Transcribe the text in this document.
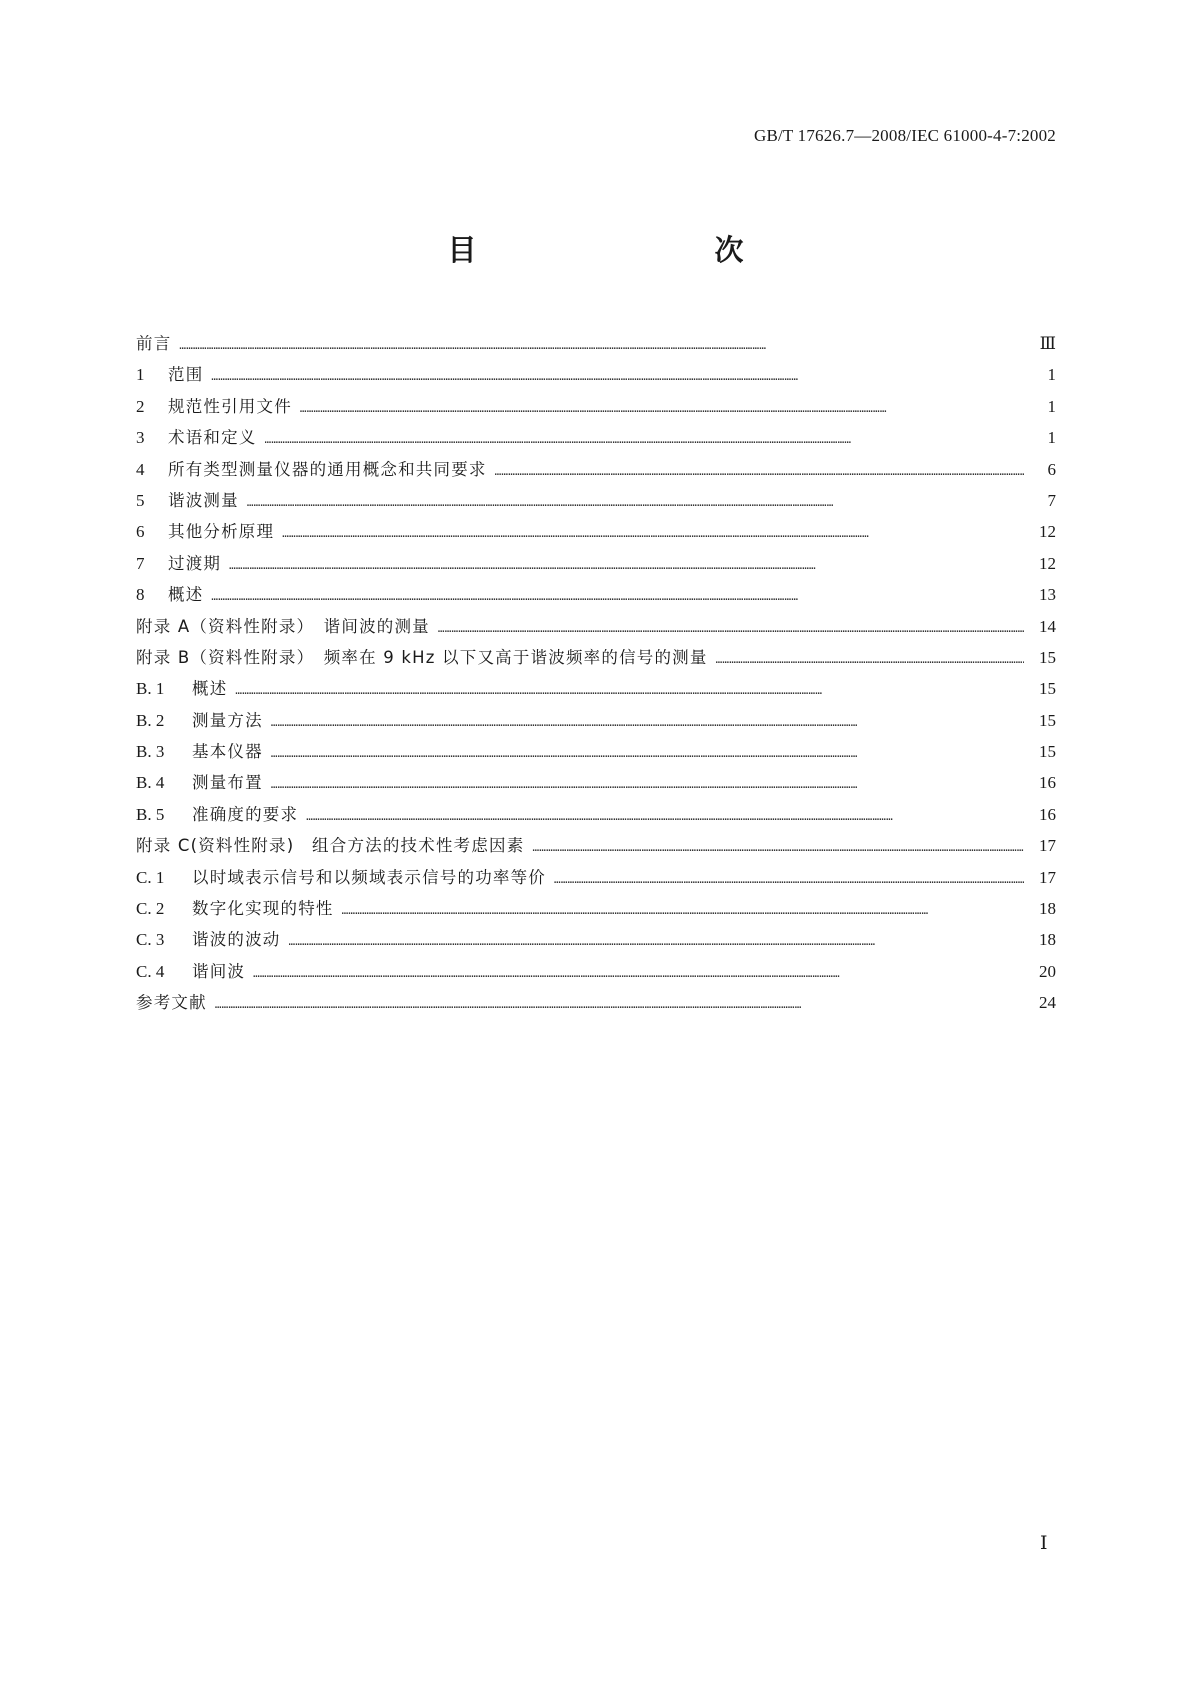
GB/T 17626.7—2008/IEC 61000-4-7:2002
目　　次
前言 ……………………………………………………………………………………………………………………………………………………………………………………………………………………………………	Ⅲ
1	范围 ……………………………………………………………………………………………………………………………………………………………………………………………………………………………………	1
2	规范性引用文件 ……………………………………………………………………………………………………………………………………………………………………………………………………………………………………	1
3	术语和定义 ……………………………………………………………………………………………………………………………………………………………………………………………………………………………………	1
4	所有类型测量仪器的通用概念和共同要求 ……………………………………………………………………………………………………………………………………………………………………………………………………………………………………	6
5	谐波测量 ……………………………………………………………………………………………………………………………………………………………………………………………………………………………………	7
6	其他分析原理 ……………………………………………………………………………………………………………………………………………………………………………………………………………………………………	12
7	过渡期 ……………………………………………………………………………………………………………………………………………………………………………………………………………………………………	12
8	概述 ……………………………………………………………………………………………………………………………………………………………………………………………………………………………………	13
附录 A（资料性附录）　谐间波的测量 ……………………………………………………………………………………………………………………………………………………………………………………………………………………………………	14
附录 B（资料性附录）　频率在 9 kHz 以下又高于谐波频率的信号的测量 ……………………………………………………………………………………………………………………………………………………………………………………………………………………………………	15
B. 1	概述 ……………………………………………………………………………………………………………………………………………………………………………………………………………………………………	15
B. 2	测量方法 ……………………………………………………………………………………………………………………………………………………………………………………………………………………………………	15
B. 3	基本仪器 ……………………………………………………………………………………………………………………………………………………………………………………………………………………………………	15
B. 4	测量布置 ……………………………………………………………………………………………………………………………………………………………………………………………………………………………………	16
B. 5	准确度的要求 ……………………………………………………………………………………………………………………………………………………………………………………………………………………………………	16
附录 C(资料性附录)　组合方法的技术性考虑因素 ……………………………………………………………………………………………………………………………………………………………………………………………………………………………………	17
C. 1	以时域表示信号和以频域表示信号的功率等价 ……………………………………………………………………………………………………………………………………………………………………………………………………………………………………	17
C. 2	数字化实现的特性 ……………………………………………………………………………………………………………………………………………………………………………………………………………………………………	18
C. 3	谐波的波动 ……………………………………………………………………………………………………………………………………………………………………………………………………………………………………	18
C. 4	谐间波 ……………………………………………………………………………………………………………………………………………………………………………………………………………………………………	20
参考文献 ……………………………………………………………………………………………………………………………………………………………………………………………………………………………………	24
Ⅰ
